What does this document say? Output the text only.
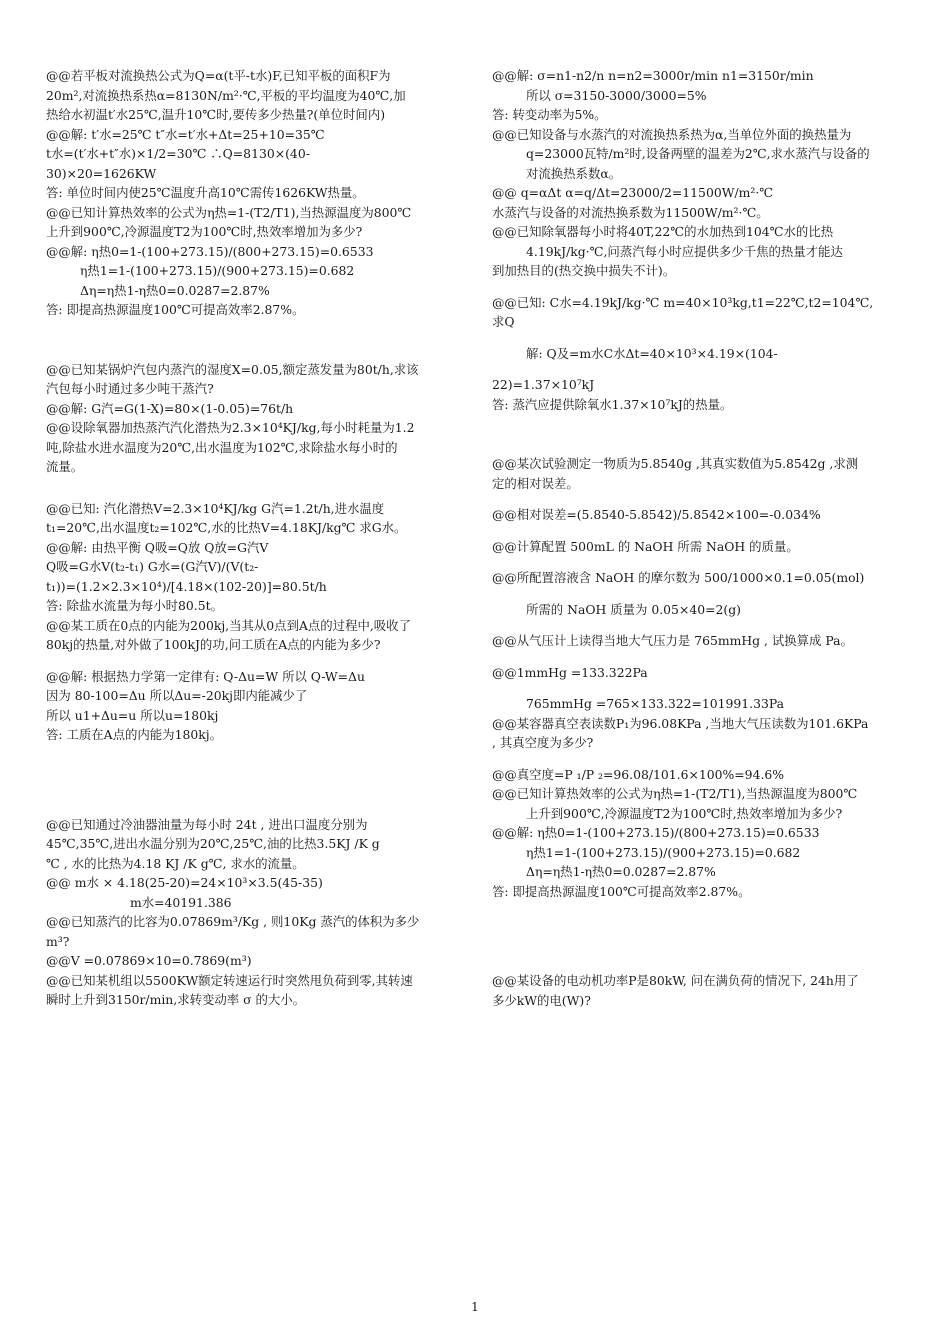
@@若平板对流换热公式为Q=α(t平-t水)F,已知平板的面积F为
20m²,对流换热系热α=8130N/m²·℃,平板的平均温度为40℃,加
热给水初温t′水25℃,温升10℃时,要传多少热量?(单位时间内)
@@解: t′水=25℃ t″水=t′水+Δt=25+10=35℃
t水=(t′水+t″水)×1/2=30℃ ∴Q=8130×(40-
30)×20=1626KW
答: 单位时间内使25℃温度升高10℃需传1626KW热量。
@@已知计算热效率的公式为η热=1-(T2/T1),当热源温度为800℃
上升到900℃,冷源温度T2为100℃时,热效率增加为多少?
@@解: η热0=1-(100+273.15)/(800+273.15)=0.6533
η热1=1-(100+273.15)/(900+273.15)=0.682
Δη=η热1-η热0=0.0287=2.87%
答: 即提高热源温度100℃可提高效率2.87%。
@@已知某锅炉汽包内蒸汽的湿度X=0.05,额定蒸发量为80t/h,求该
汽包每小时通过多少吨干蒸汽?
@@解: G汽=G(1-X)=80×(1-0.05)=76t/h
@@设除氧器加热蒸汽汽化潜热为2.3×10⁴KJ/kg,每小时耗量为1.2
吨,除盐水进水温度为20℃,出水温度为102℃,求除盐水每小时的
流量。
@@已知: 汽化潜热V=2.3×10⁴KJ/kg G汽=1.2t/h,进水温度
t₁=20℃,出水温度t₂=102℃,水的比热V=4.18KJ/kg℃ 求G水。
@@解: 由热平衡 Q吸=Q放 Q放=G汽V
Q吸=G水V(t₂-t₁) G水=(G汽V)/(V(t₂-
t₁))=(1.2×2.3×10⁴)/[4.18×(102-20)]=80.5t/h
答: 除盐水流量为每小时80.5t。
@@某工质在0点的内能为200kj,当其从0点到A点的过程中,吸收了
80kj的热量,对外做了100kJ的功,问工质在A点的内能为多少?
@@解: 根据热力学第一定律有: Q-Δu=W 所以 Q-W=Δu
因为 80-100=Δu 所以Δu=-20kj即内能减少了
所以 u1+Δu=u 所以u=180kj
答: 工质在A点的内能为180kj。
@@已知通过冷油器油量为每小时 24t , 进出口温度分别为
45℃,35℃,进出水温分别为20℃,25℃,油的比热3.5KJ /K g
℃ , 水的比热为4.18 KJ /K g℃, 求水的流量。
@@ m水 × 4.18(25-20)=24×10³×3.5(45-35)
m水=40191.386
@@已知蒸汽的比容为0.07869m³/Kg , 则10Kg 蒸汽的体积为多少
m³?
@@V =0.07869×10=0.7869(m³)
@@已知某机组以5500KW额定转速运行时突然甩负荷到零,其转速
瞬时上升到3150r/min,求转变动率 σ 的大小。
@@解: σ=n1-n2/n n=n2=3000r/min n1=3150r/min
所以 σ=3150-3000/3000=5%
答: 转变动率为5%。
@@已知设备与水蒸汽的对流换热系热为α,当单位外面的换热量为
q=23000瓦特/m²时,设备两壁的温差为2℃,求水蒸汽与设备的
对流换热系数α。
@@ q=αΔt α=q/Δt=23000/2=11500W/m²·℃
水蒸汽与设备的对流热换系数为11500W/m²·℃。
@@已知除氧器每小时将40T,22℃的水加热到104℃水的比热
4.19kJ/kg·℃,问蒸汽每小时应提供多少千焦的热量才能达
到加热目的(热交换中损失不计)。
@@已知: C水=4.19kJ/kg·℃ m=40×10³kg,t1=22℃,t2=104℃,
求Q
解: Q及=m水C水Δt=40×10³×4.19×(104-
22)=1.37×10⁷kJ
答: 蒸汽应提供除氧水1.37×10⁷kJ的热量。
@@某次试验测定一物质为5.8540g ,其真实数值为5.8542g ,求测
定的相对误差。
@@相对误差=(5.8540-5.8542)/5.8542×100=-0.034%
@@计算配置 500mL 的 NaOH 所需 NaOH 的质量。
@@所配置溶液含 NaOH 的摩尔数为 500/1000×0.1=0.05(mol)
所需的 NaOH 质量为 0.05×40=2(g)
@@从气压计上读得当地大气压力是 765mmHg , 试换算成 Pa。
@@1mmHg =133.322Pa
765mmHg =765×133.322=101991.33Pa
@@某容器真空表读数P₁为96.08KPa ,当地大气压读数为101.6KPa
, 其真空度为多少?
@@真空度=P ₁/P ₂=96.08/101.6×100%=94.6%
@@已知计算热效率的公式为η热=1-(T2/T1),当热源温度为800℃
上升到900℃,冷源温度T2为100℃时,热效率增加为多少?
@@解: η热0=1-(100+273.15)/(800+273.15)=0.6533
η热1=1-(100+273.15)/(900+273.15)=0.682
Δη=η热1-η热0=0.0287=2.87%
答: 即提高热源温度100℃可提高效率2.87%。
@@某设备的电动机功率P是80kW, 问在满负荷的情况下, 24h用了
多少kW的电(W)?
1
